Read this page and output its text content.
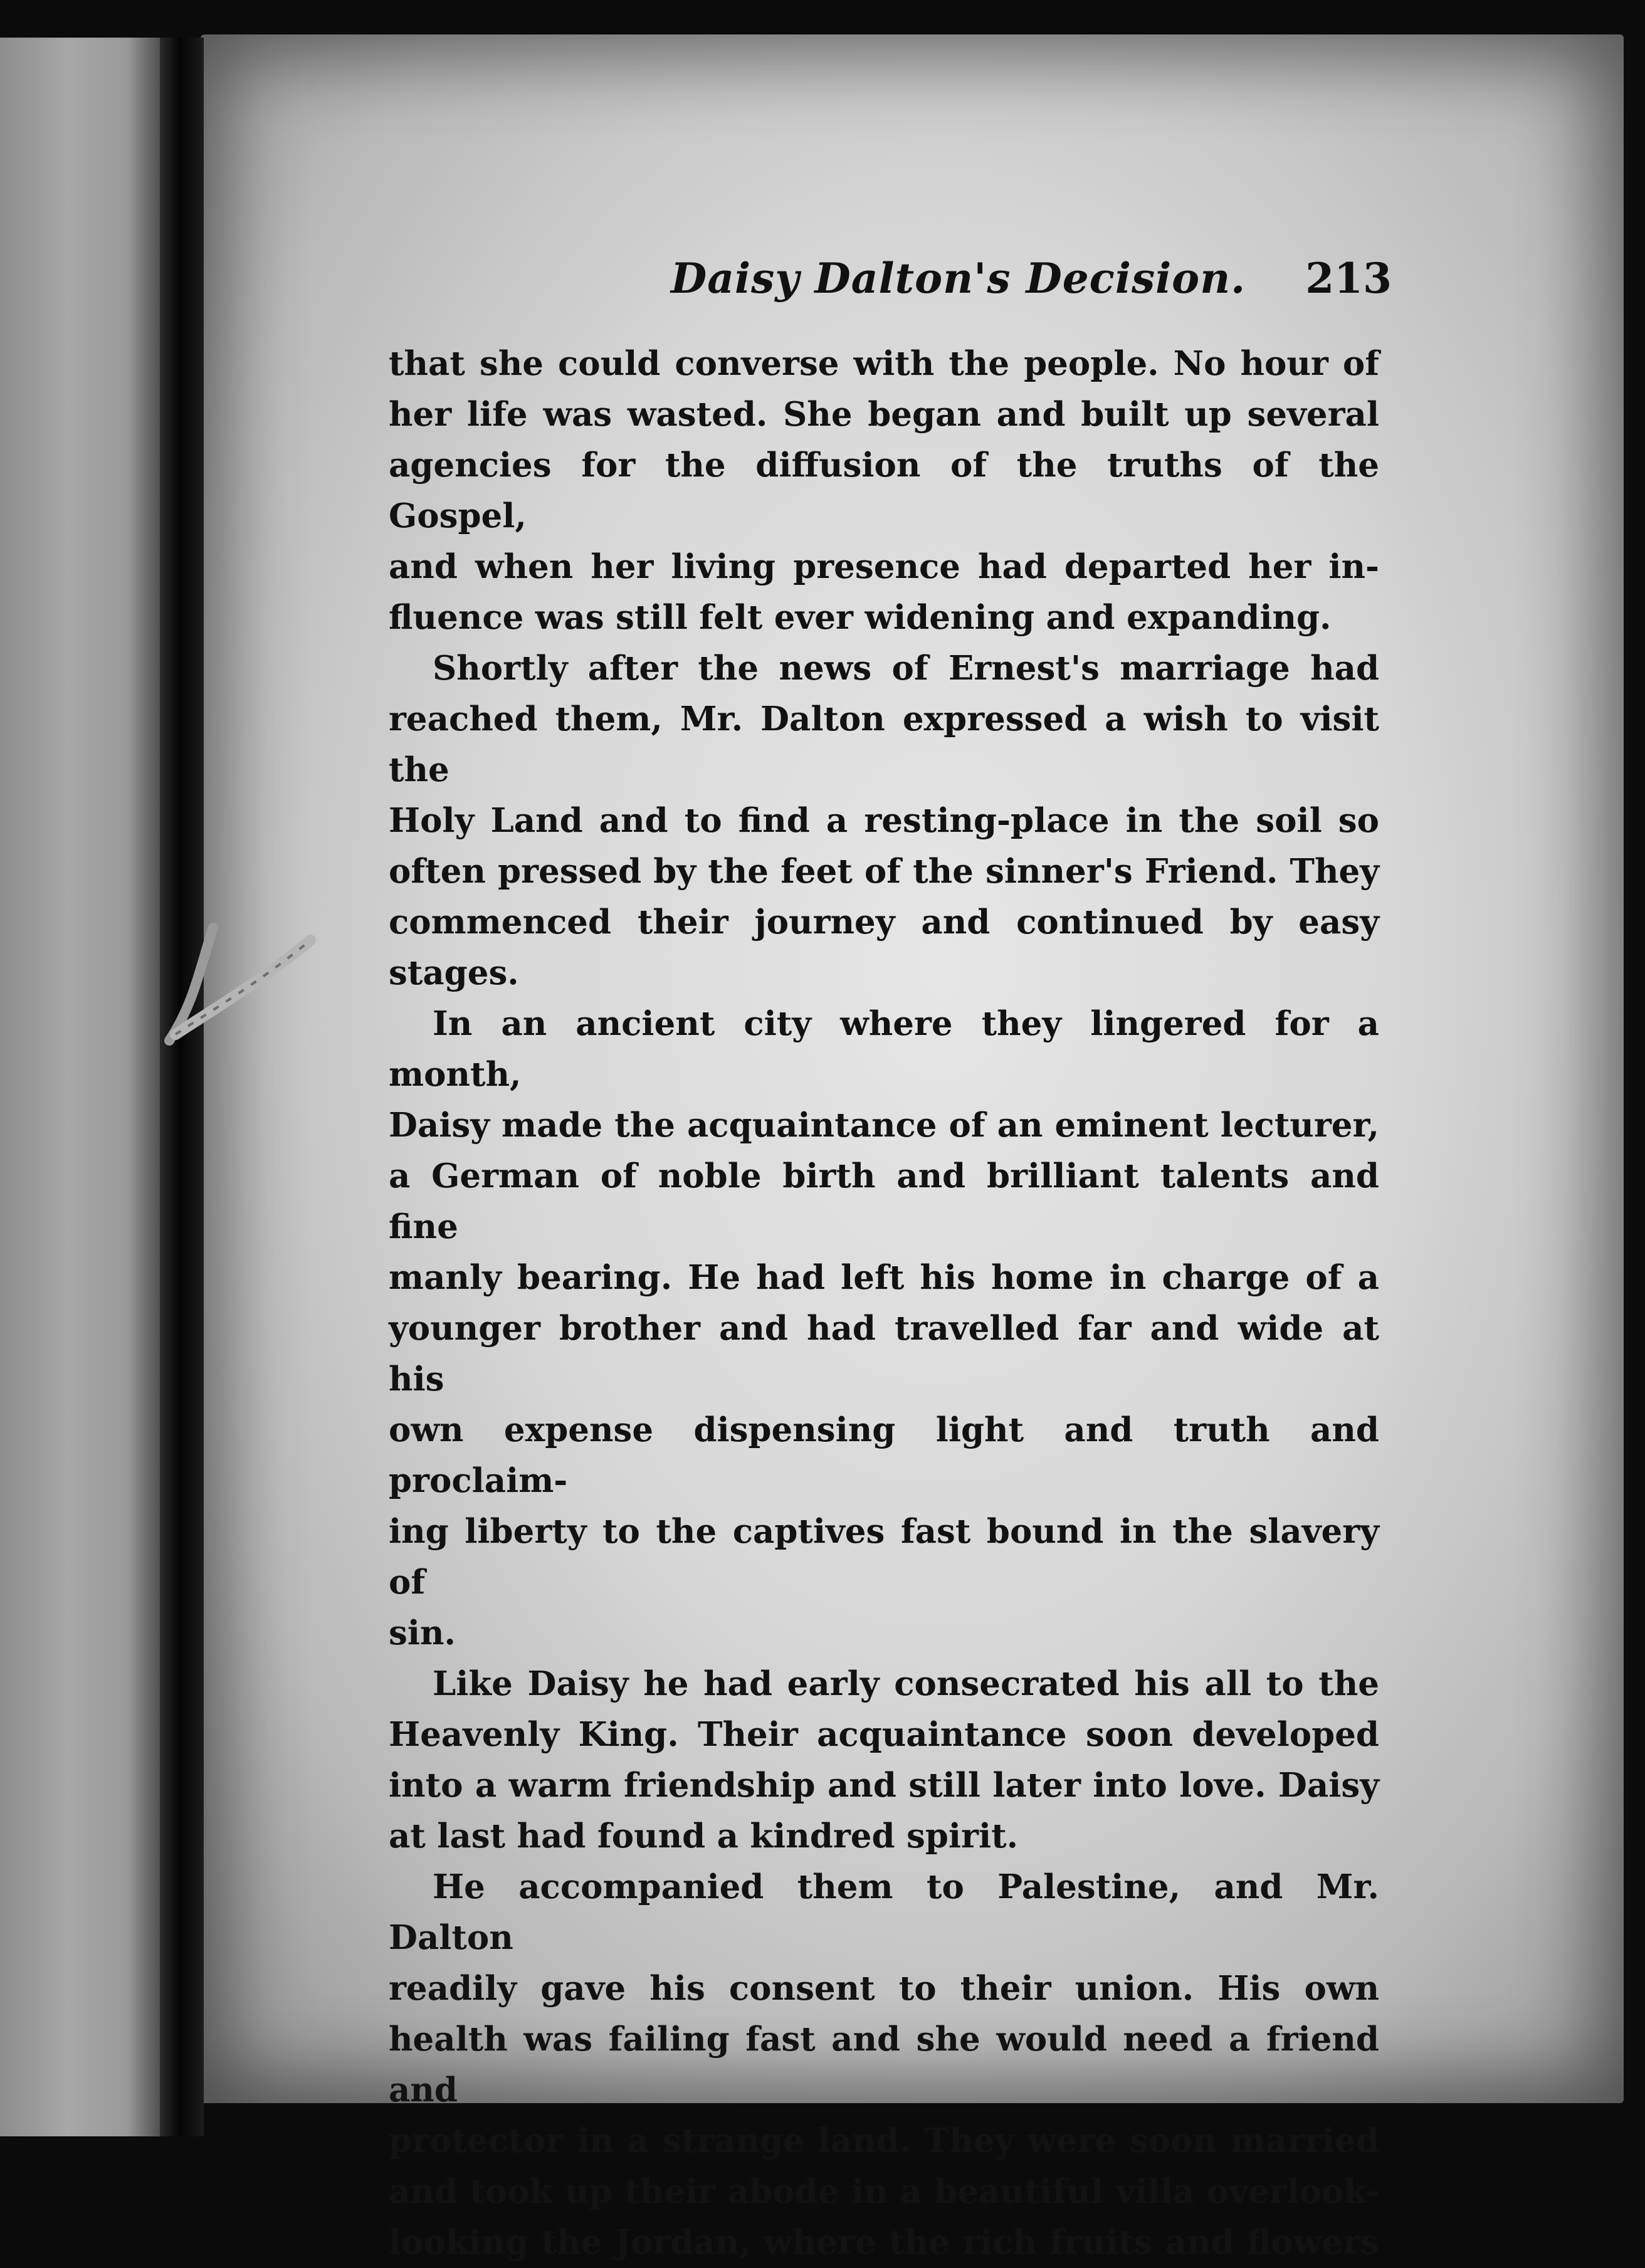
Daisy Dalton's Decision. 213

that she could converse with the people. No hour of

her life was wasted. She began and built up several

agencies for the diffusion of the truths of the Gospel,

and when her living presence had departed her in-

fluence was still felt ever widening and expanding.

Shortly after the news of Ernest's marriage had

reached them, Mr. Dalton expressed a wish to visit the

Holy Land and to find a resting-place in the soil so

often pressed by the feet of the sinner's Friend. They

commenced their journey and continued by easy

stages.

In an ancient city where they lingered for a month,

Daisy made the acquaintance of an eminent lecturer,

a German of noble birth and brilliant talents and fine

manly bearing. He had left his home in charge of a

younger brother and had travelled far and wide at his

own expense dispensing light and truth and proclaim-

ing liberty to the captives fast bound in the slavery of

sin.

Like Daisy he had early consecrated his all to the

Heavenly King. Their acquaintance soon developed

into a warm friendship and still later into love. Daisy

at last had found a kindred spirit.

He accompanied them to Palestine, and Mr. Dalton

readily gave his consent to their union. His own

health was failing fast and she would need a friend and

protector in a strange land. They were soon married

and took up their abode in a beautiful villa overlook-

looking the Jordan, where the rich fruits and flowers
